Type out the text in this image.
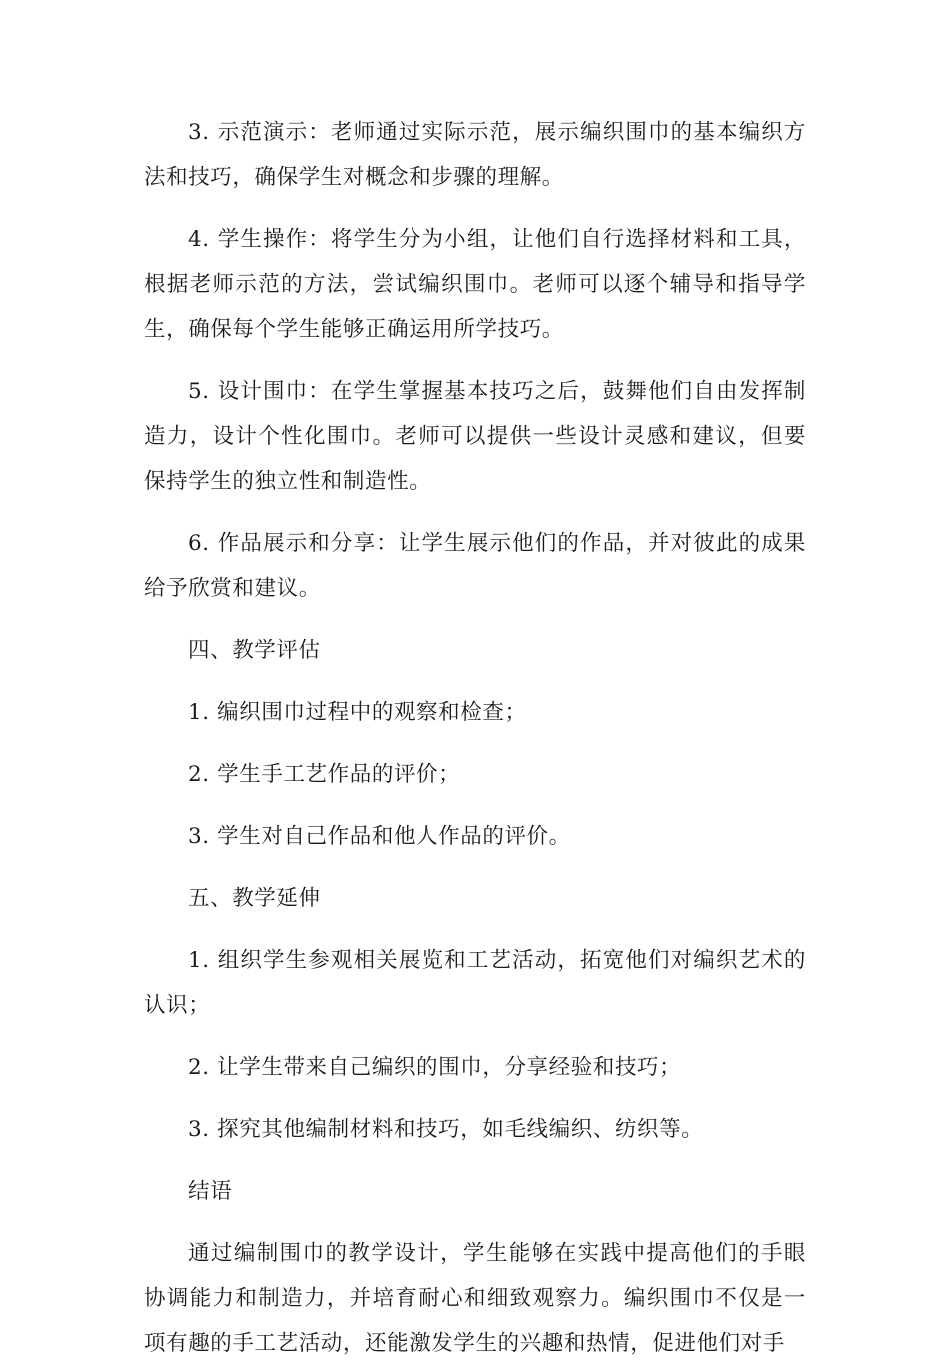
3. 示范演示：老师通过实际示范，展示编织围巾的基本编织方法和技巧，确保学生对概念和步骤的理解。

4. 学生操作：将学生分为小组，让他们自行选择材料和工具，根据老师示范的方法，尝试编织围巾。老师可以逐个辅导和指导学生，确保每个学生能够正确运用所学技巧。

5. 设计围巾：在学生掌握基本技巧之后，鼓舞他们自由发挥制造力，设计个性化围巾。老师可以提供一些设计灵感和建议，但要保持学生的独立性和制造性。

6. 作品展示和分享：让学生展示他们的作品，并对彼此的成果给予欣赏和建议。

四、教学评估

1. 编织围巾过程中的观察和检查；

2. 学生手工艺作品的评价；

3. 学生对自己作品和他人作品的评价。

五、教学延伸

1. 组织学生参观相关展览和工艺活动，拓宽他们对编织艺术的认识；

2. 让学生带来自己编织的围巾，分享经验和技巧；

3. 探究其他编制材料和技巧，如毛线编织、纺织等。

结语

通过编制围巾的教学设计，学生能够在实践中提高他们的手眼协调能力和制造力，并培育耐心和细致观察力。编织围巾不仅是一项有趣的手工艺活动，还能激发学生的兴趣和热情，促进他们对手
